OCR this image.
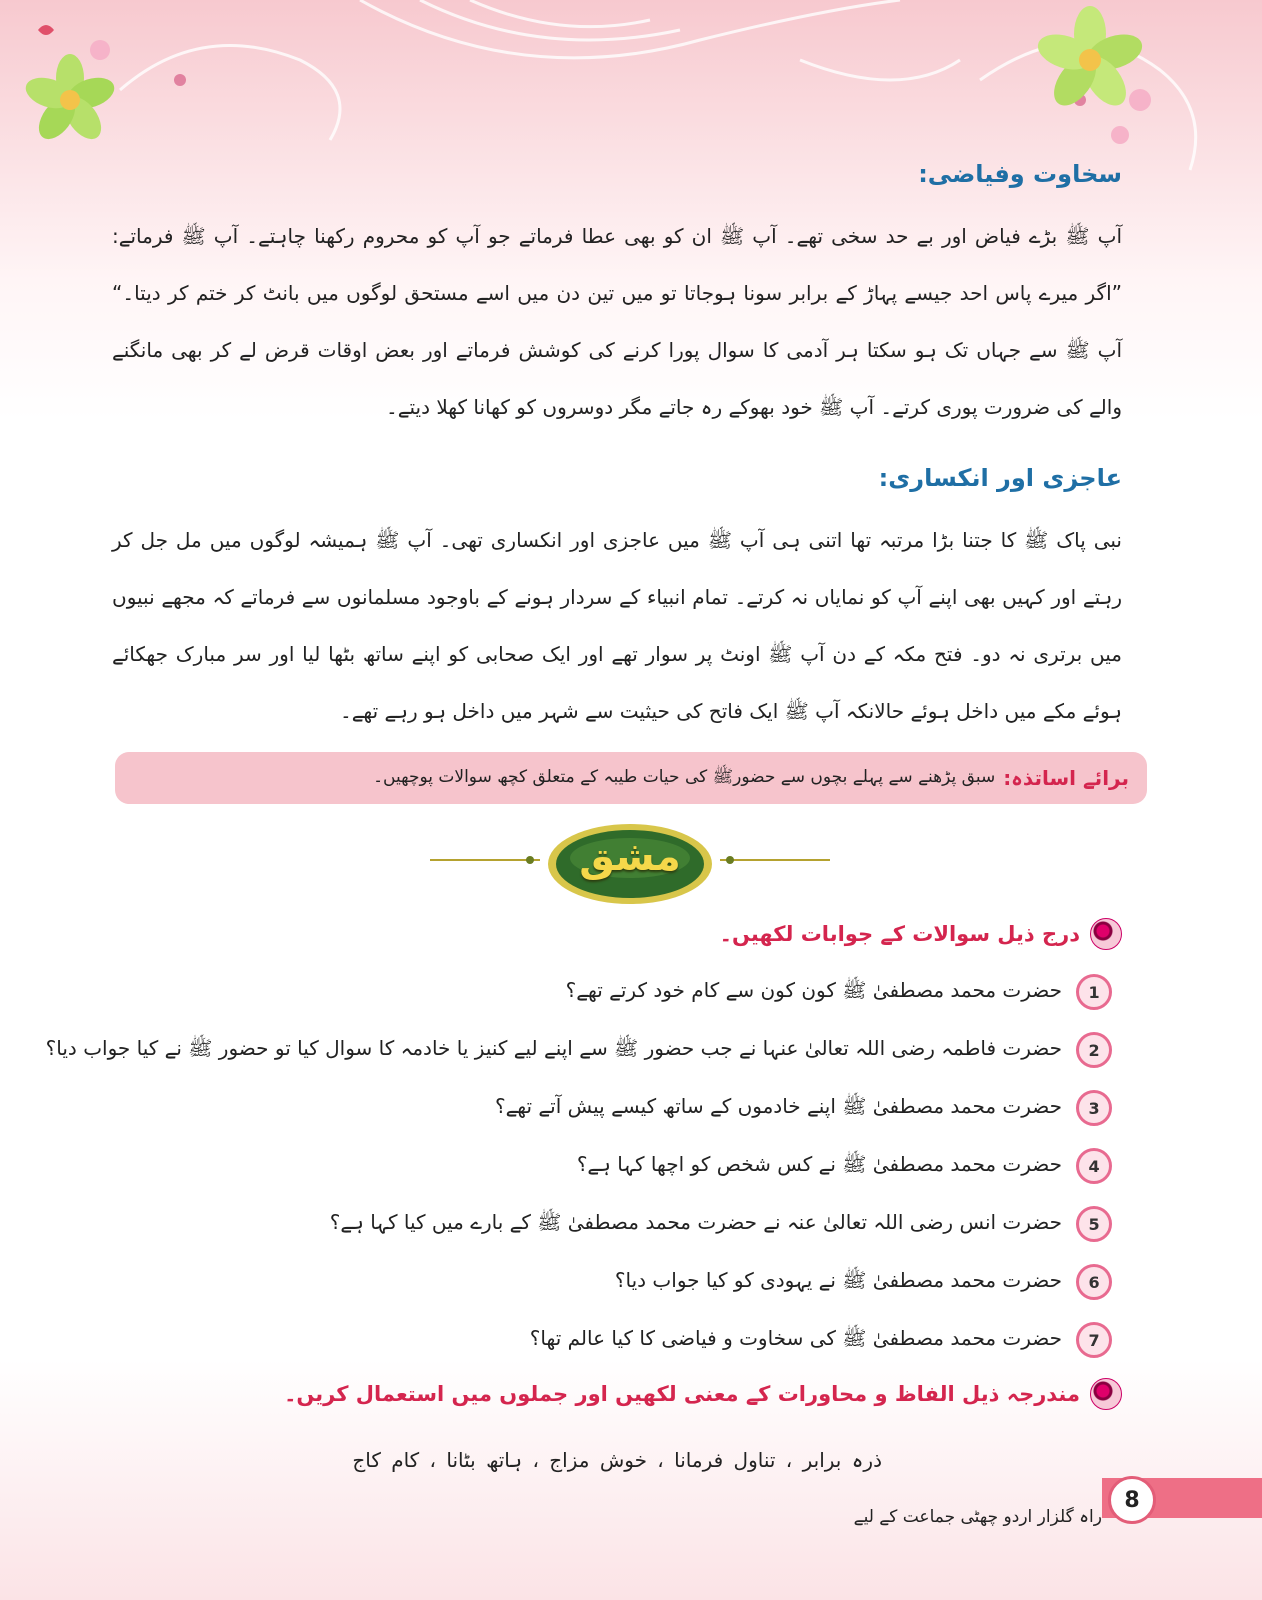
سخاوت وفیاضی:
آپ ﷺ بڑے فیاض اور بے حد سخی تھے۔ آپ ﷺ ان کو بھی عطا فرماتے جو آپ کو محروم رکھنا چاہتے۔ آپ ﷺ فرماتے: ”اگر میرے پاس احد جیسے پہاڑ کے برابر سونا ہوجاتا تو میں تین دن میں اسے مستحق لوگوں میں بانٹ کر ختم کر دیتا۔“ آپ ﷺ سے جہاں تک ہو سکتا ہر آدمی کا سوال پورا کرنے کی کوشش فرماتے اور بعض اوقات قرض لے کر بھی مانگنے والے کی ضرورت پوری کرتے۔ آپ ﷺ خود بھوکے رہ جاتے مگر دوسروں کو کھانا کھلا دیتے۔
عاجزی اور انکساری:
نبی پاک ﷺ کا جتنا بڑا مرتبہ تھا اتنی ہی آپ ﷺ میں عاجزی اور انکساری تھی۔ آپ ﷺ ہمیشہ لوگوں میں مل جل کر رہتے اور کہیں بھی اپنے آپ کو نمایاں نہ کرتے۔ تمام انبیاء کے سردار ہونے کے باوجود مسلمانوں سے فرماتے کہ مجھے نبیوں میں برتری نہ دو۔ فتح مکہ کے دن آپ ﷺ اونٹ پر سوار تھے اور ایک صحابی کو اپنے ساتھ بٹھا لیا اور سر مبارک جھکائے ہوئے مکے میں داخل ہوئے حالانکہ آپ ﷺ ایک فاتح کی حیثیت سے شہر میں داخل ہو رہے تھے۔
برائے اساتذہ:
سبق پڑھنے سے پہلے بچوں سے حضورﷺ کی حیات طیبہ کے متعلق کچھ سوالات پوچھیں۔
مشق
درج ذیل سوالات کے جوابات لکھیں۔
1
حضرت محمد مصطفیٰ ﷺ کون کون سے کام خود کرتے تھے؟
2
حضرت فاطمہ رضی اللہ تعالیٰ عنہا نے جب حضور ﷺ سے اپنے لیے کنیز یا خادمہ کا سوال کیا تو حضور ﷺ نے کیا جواب دیا؟
3
حضرت محمد مصطفیٰ ﷺ اپنے خادموں کے ساتھ کیسے پیش آتے تھے؟
4
حضرت محمد مصطفیٰ ﷺ نے کس شخص کو اچھا کہا ہے؟
5
حضرت انس رضی اللہ تعالیٰ عنہ نے حضرت محمد مصطفیٰ ﷺ کے بارے میں کیا کہا ہے؟
6
حضرت محمد مصطفیٰ ﷺ نے یہودی کو کیا جواب دیا؟
7
حضرت محمد مصطفیٰ ﷺ کی سخاوت و فیاضی کا کیا عالم تھا؟
مندرجہ ذیل الفاظ و محاورات کے معنی لکھیں اور جملوں میں استعمال کریں۔
ذرہ برابر ، تناول فرمانا ، خوش مزاج ، ہاتھ بٹانا ، کام کاج
8
راہ گلزار اردو چھٹی جماعت کے لیے
